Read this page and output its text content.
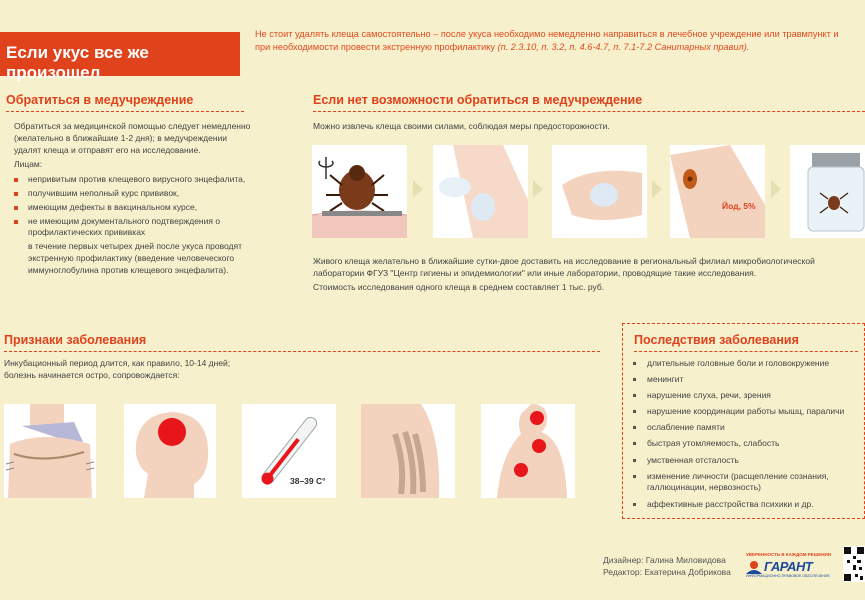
Если укус все же произошел
Не стоит удалять клеща самостоятельно – после укуса необходимо немедленно направиться в лечебное учреждение или травмпункт и при необходимости провести экстренную профилактику (п. 2.3.10, п. 3.2, п. 4.6-4.7, п. 7.1-7.2 Санитарных правил).
Обратиться в медучреждение

Обратиться за медицинской помощью следует немедленно (желательно в ближайшие 1-2 дня); в медучреждении удалят клеща и отправят его на исследование.

Лицам:

непривитым против клещевого вирусного энцефалита,
получившим неполный курс прививок,
имеющим дефекты в вакцинальном курсе,
не имеющим документального подтверждения о профилактических прививках

в течение первых четырех дней после укуса проводят экстренную профилактику (введение человеческого иммуноглобулина против клещевого энцефалита).

Если нет возможности обратиться в медучреждение
Можно извлечь клеща своими силами, соблюдая меры предосторожности.
Йод, 5%
Живого клеща желательно в ближайшие сутки-двое доставить на исследование в региональный филиал микробиологической лаборатории ФГУЗ "Центр гигиены и эпидемиологии" или иные лаборатории, проводящие такие исследования.
Стоимость исследования одного клеща в среднем составляет 1 тыс. руб.
Признаки заболевания
Инкубационный период длится, как правило, 10-14 дней; болезнь начинается остро, сопровождается:
38–39 С°
Последствия заболевания
длительные головные боли и головокружение
менингит
нарушение слуха, речи, зрения
нарушение координации работы мышц, параличи
ослабление памяти
быстрая утомляемость, слабость
умственная отсталость
изменение личности (расщепление сознания, галлюцинации, нервозность)
аффективные расстройства психики и др.
Дизайнер: Галина Миловидова
Редактор: Екатерина Добрикова
УВЕРЕННОСТЬ В КАЖДОМ РЕШЕНИИ
ГАРАНТ
ИНФОРМАЦИОННО-ПРАВОВОЕ ОБЕСПЕЧЕНИЕ
